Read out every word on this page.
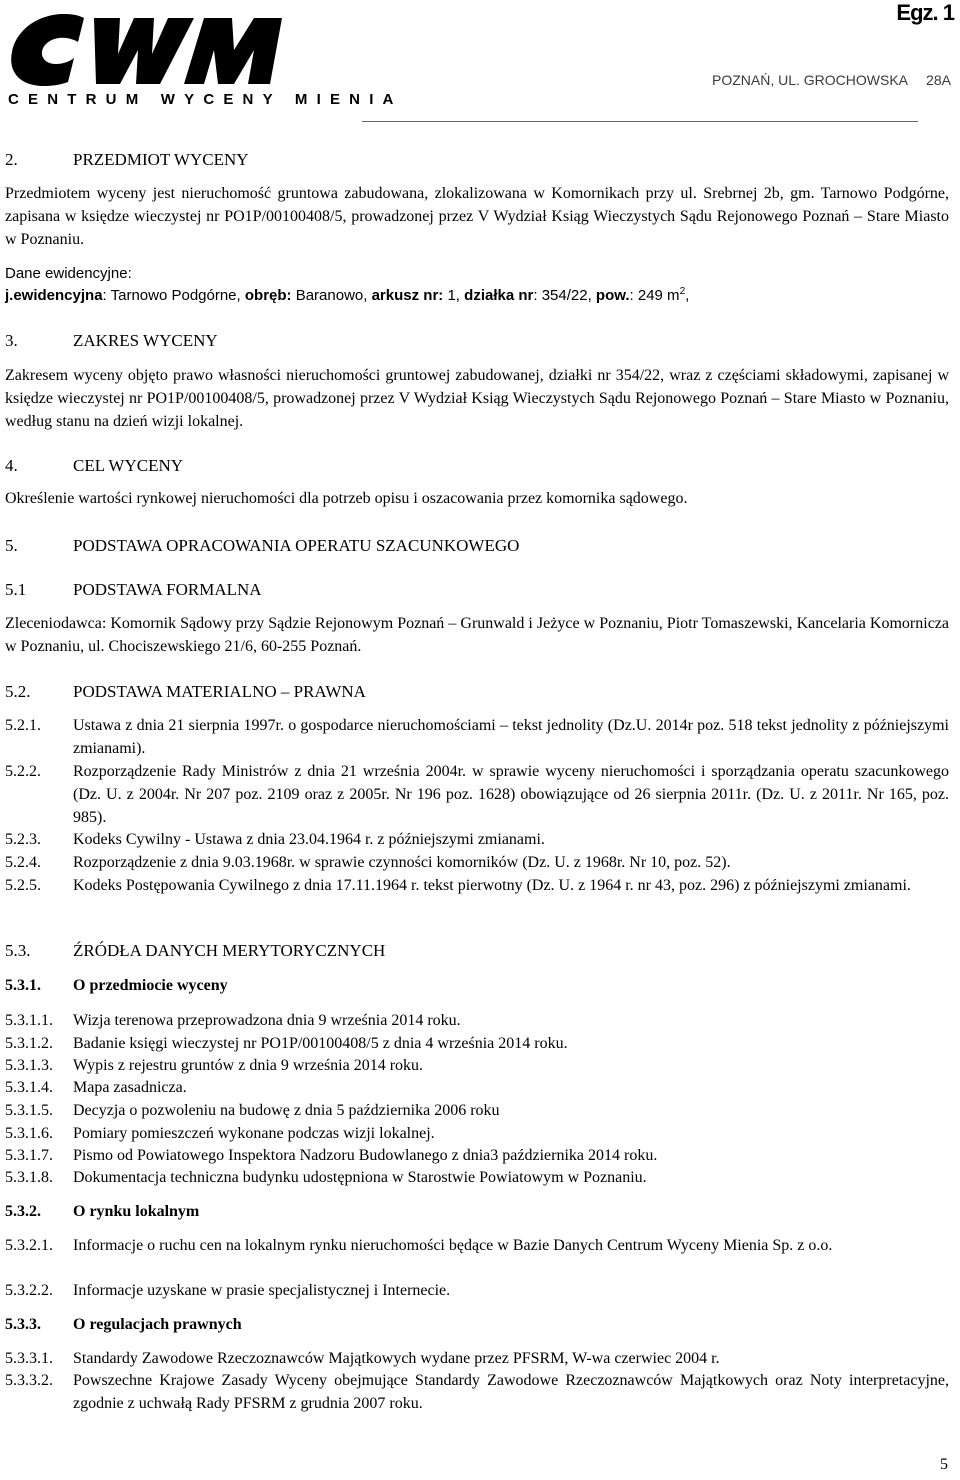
CENTRUM WYCENY MIENIA
Egz. 1
POZNAŃ, UL. GROCHOWSKA 28A
2.	PRZEDMIOT WYCENY
Przedmiotem wyceny jest nieruchomość gruntowa zabudowana, zlokalizowana w Komornikach przy ul. Srebrnej 2b, gm. Tarnowo Podgórne, zapisana w księdze wieczystej nr PO1P/00100408/5, prowadzonej przez V Wydział Ksiąg Wieczystych Sądu Rejonowego Poznań – Stare Miasto w Poznaniu.
Dane ewidencyjne:
j.ewidencyjna: Tarnowo Podgórne, obręb: Baranowo, arkusz nr: 1, działka nr: 354/22, pow.: 249 $m^2$,
3.	ZAKRES WYCENY
Zakresem wyceny objęto prawo własności nieruchomości gruntowej zabudowanej, działki nr 354/22, wraz z częściami składowymi, zapisanej w księdze wieczystej nr PO1P/00100408/5, prowadzonej przez V Wydział Ksiąg Wieczystych Sądu Rejonowego Poznań – Stare Miasto w Poznaniu, według stanu na dzień wizji lokalnej.
4.	CEL WYCENY
Określenie wartości rynkowej nieruchomości dla potrzeb opisu i oszacowania przez komornika sądowego.
5.	PODSTAWA OPRACOWANIA OPERATU SZACUNKOWEGO
5.1	PODSTAWA FORMALNA
Zleceniodawca: Komornik Sądowy przy Sądzie Rejonowym Poznań – Grunwald i Jeżyce w Poznaniu, Piotr Tomaszewski, Kancelaria Komornicza w Poznaniu, ul. Chociszewskiego 21/6, 60-255 Poznań.
5.2.	PODSTAWA MATERIALNO – PRAWNA
5.2.1. Ustawa z dnia 21 sierpnia 1997r. o gospodarce nieruchomościami – tekst jednolity (Dz.U. 2014r poz. 518 tekst jednolity z późniejszymi zmianami).
5.2.2. Rozporządzenie Rady Ministrów z dnia 21 września 2004r. w sprawie wyceny nieruchomości i sporządzania operatu szacunkowego (Dz. U. z 2004r. Nr 207 poz. 2109 oraz z 2005r. Nr 196 poz. 1628) obowiązujące od 26 sierpnia 2011r. (Dz. U. z 2011r. Nr 165, poz. 985).
5.2.3. Kodeks Cywilny - Ustawa z dnia 23.04.1964 r. z późniejszymi zmianami.
5.2.4. Rozporządzenie z dnia 9.03.1968r. w sprawie czynności komorników (Dz. U. z 1968r. Nr 10, poz. 52).
5.2.5. Kodeks Postępowania Cywilnego z dnia 17.11.1964 r. tekst pierwotny (Dz. U. z 1964 r. nr 43, poz. 296) z późniejszymi zmianami.
5.3.	ŹRÓDŁA DANYCH MERYTORYCZNYCH
5.3.1. O przedmiocie wyceny
5.3.1.1. Wizja terenowa przeprowadzona dnia 9 września 2014 roku.
5.3.1.2. Badanie księgi wieczystej nr PO1P/00100408/5 z dnia 4 września 2014 roku.
5.3.1.3. Wypis z rejestru gruntów z dnia 9 września 2014 roku.
5.3.1.4. Mapa zasadnicza.
5.3.1.5. Decyzja o pozwoleniu na budowę z dnia 5 października 2006 roku
5.3.1.6. Pomiary pomieszczeń wykonane podczas wizji lokalnej.
5.3.1.7. Pismo od Powiatowego Inspektora Nadzoru Budowlanego z dnia3 października 2014 roku.
5.3.1.8. Dokumentacja techniczna budynku udostępniona w Starostwie Powiatowym w Poznaniu.
5.3.2. O rynku lokalnym
5.3.2.1. Informacje o ruchu cen na lokalnym rynku nieruchomości będące w Bazie Danych Centrum Wyceny Mienia Sp. z o.o.
5.3.2.2. Informacje uzyskane w prasie specjalistycznej i Internecie.
5.3.3. O regulacjach prawnych
5.3.3.1. Standardy Zawodowe Rzeczoznawców Majątkowych wydane przez PFSRM, W-wa czerwiec 2004 r.
5.3.3.2. Powszechne Krajowe Zasady Wyceny obejmujące Standardy Zawodowe Rzeczoznawców Majątkowych oraz Noty interpretacyjne, zgodnie z uchwałą Rady PFSRM z grudnia 2007 roku.
5
